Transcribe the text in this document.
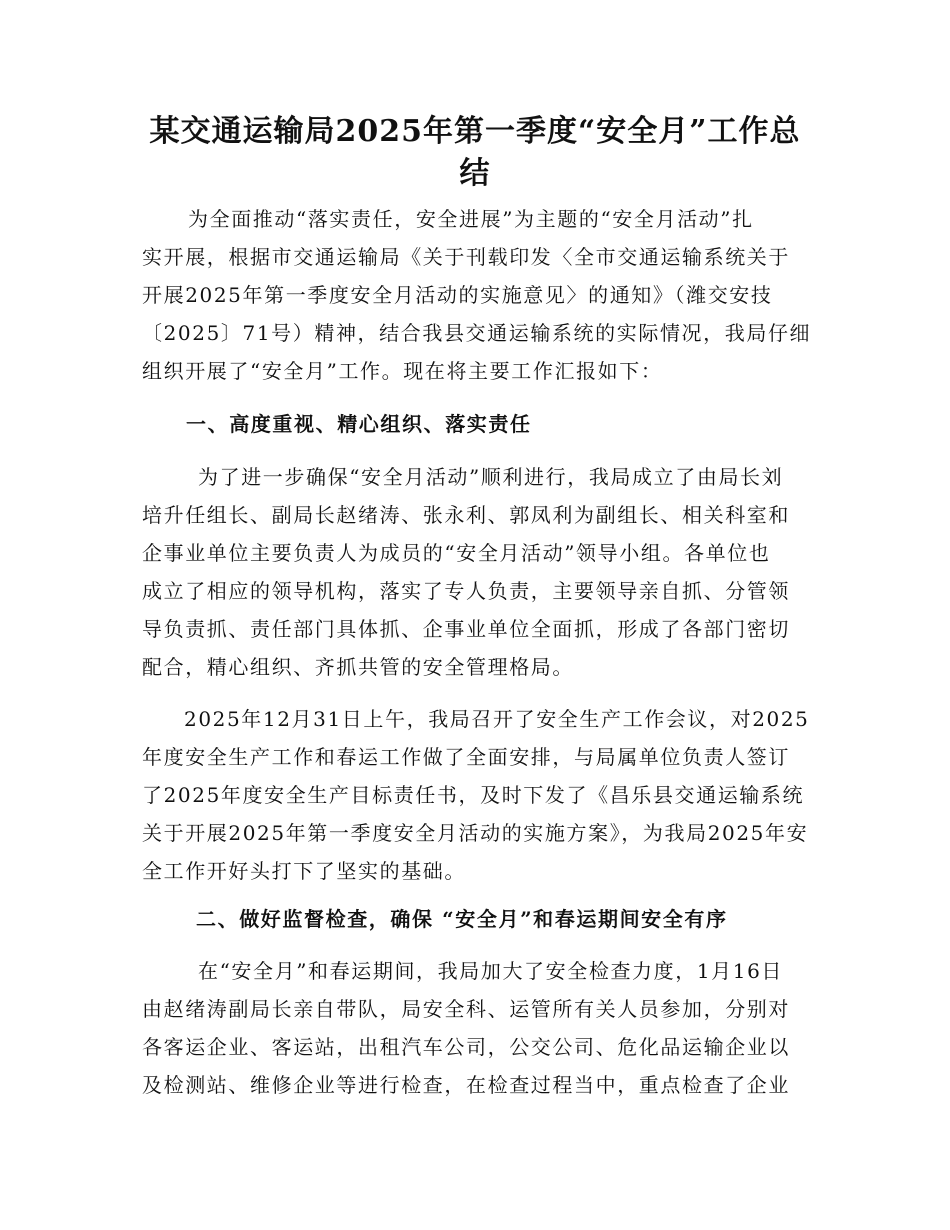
某交通运输局2025年第一季度“安全月”工作总
结

为全面推动“落实责任，安全进展”为主题的“安全月活动”扎

实开展，根据市交通运输局《关于刊载印发〈全市交通运输系统关于

开展2025年第一季度安全月活动的实施意见〉的通知》（潍交安技

〔2025〕71号）精神，结合我县交通运输系统的实际情况，我局仔细

组织开展了“安全月”工作。现在将主要工作汇报如下：

一、高度重视、精心组织、落实责任

为了进一步确保“安全月活动”顺利进行，我局成立了由局长刘

培升任组长、副局长赵绪涛、张永利、郭凤利为副组长、相关科室和

企事业单位主要负责人为成员的“安全月活动”领导小组。各单位也

成立了相应的领导机构，落实了专人负责，主要领导亲自抓、分管领

导负责抓、责任部门具体抓、企事业单位全面抓，形成了各部门密切

配合，精心组织、齐抓共管的安全管理格局。

2025年12月31日上午，我局召开了安全生产工作会议，对2025

年度安全生产工作和春运工作做了全面安排，与局属单位负责人签订

了2025年度安全生产目标责任书，及时下发了《昌乐县交通运输系统

关于开展2025年第一季度安全月活动的实施方案》，为我局2025年安

全工作开好头打下了坚实的基础。

二、做好监督检查，确保 “安全月”和春运期间安全有序

在“安全月”和春运期间，我局加大了安全检查力度，1月16日

由赵绪涛副局长亲自带队，局安全科、运管所有关人员参加，分别对

各客运企业、客运站，出租汽车公司，公交公司、危化品运输企业以

及检测站、维修企业等进行检查，在检查过程当中，重点检查了企业
